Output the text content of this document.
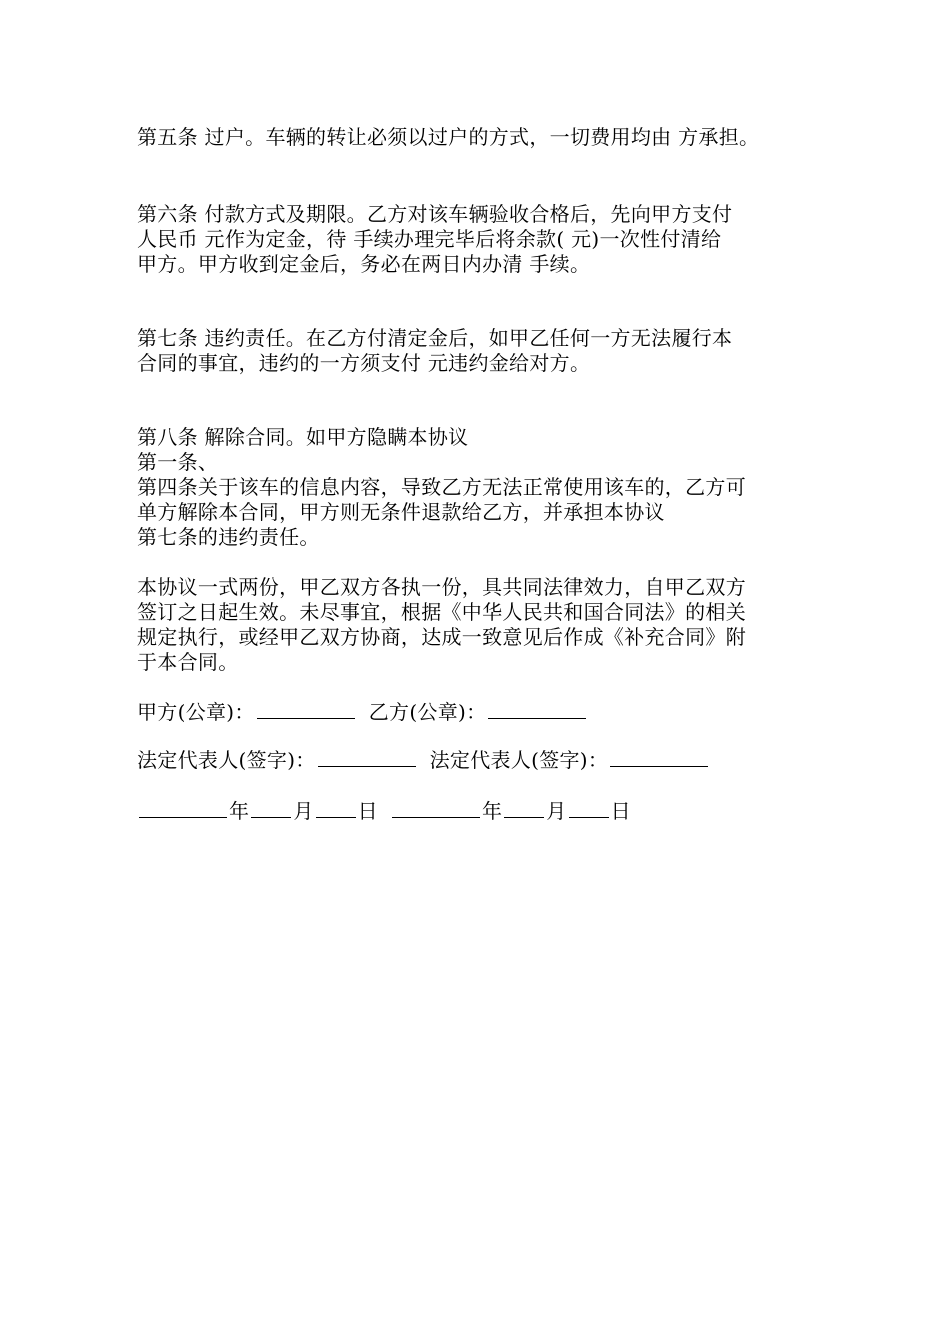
第五条 过户。车辆的转让必须以过户的方式，一切费用均由 方承担。
第六条 付款方式及期限。乙方对该车辆验收合格后，先向甲方支付
人民币 元作为定金，待 手续办理完毕后将余款( 元)一次性付清给
甲方。甲方收到定金后，务必在两日内办清 手续。
第七条 违约责任。在乙方付清定金后，如甲乙任何一方无法履行本
合同的事宜，违约的一方须支付 元违约金给对方。
第八条 解除合同。如甲方隐瞒本协议
第一条、
第四条关于该车的信息内容，导致乙方无法正常使用该车的，乙方可
单方解除本合同，甲方则无条件退款给乙方，并承担本协议
第七条的违约责任。
本协议一式两份，甲乙双方各执一份，具共同法律效力，自甲乙双方
签订之日起生效。未尽事宜，根据《中华人民共和国合同法》的相关
规定执行，或经甲乙双方协商，达成一致意见后作成《补充合同》附
于本合同。
甲方(公章)：	乙方(公章)：
法定代表人(签字)：	法定代表人(签字)：
年 月 日	年 月 日
